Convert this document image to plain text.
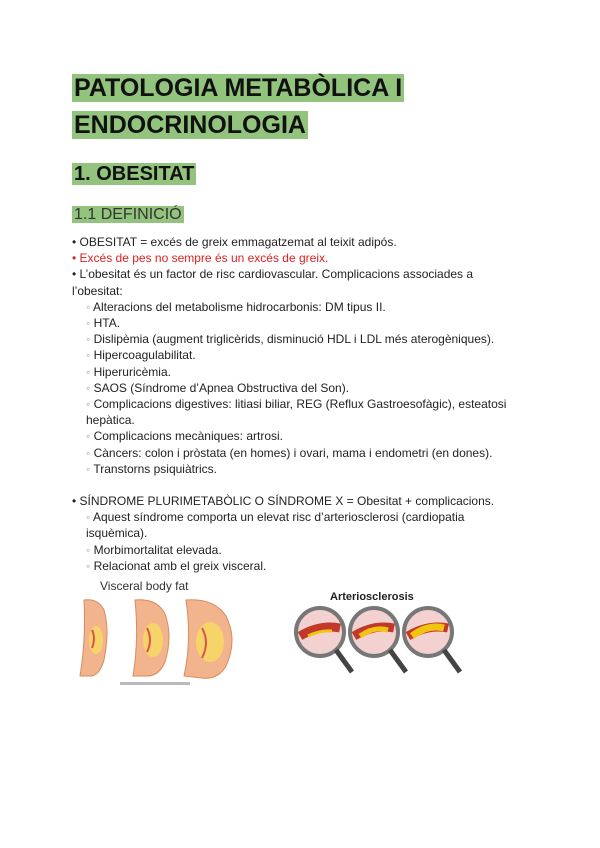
PATOLOGIA METABÒLICA I
ENDOCRINOLOGIA
1. OBESITAT
1.1 DEFINICIÓ

• OBESITAT = excés de greix emmagatzemat al teixit adipós.

• Excés de pes no sempre és un excés de greix.

• L’obesitat és un factor de risc cardiovascular. Complicacions associades a l’obesitat:

◦ Alteracions del metabolisme hidrocarbonis: DM tipus II.

◦ HTA.

◦ Dislipèmia (augment triglicèrids, disminució HDL i LDL més aterogèniques).

◦ Hipercoagulabilitat.

◦ Hiperuricèmia.

◦ SAOS (Síndrome d’Apnea Obstructiva del Son).

◦ Complicacions digestives: litiasi biliar, REG (Reflux Gastroesofàgic), esteatosi hepàtica.

◦ Complicacions mecàniques: artrosi.

◦ Càncers: colon i pròstata (en homes) i ovari, mama i endometri (en dones).

◦ Transtorns psiquiàtrics.

• SÍNDROME PLURIMETABÒLIC O SÍNDROME X = Obesitat + complicacions.

◦ Aquest síndrome comporta un elevat risc d’arteriosclerosi (cardiopatia isquèmica).

◦ Morbimortalitat elevada.

◦ Relacionat amb el greix visceral.

Visceral body fat
Arteriosclerosis
